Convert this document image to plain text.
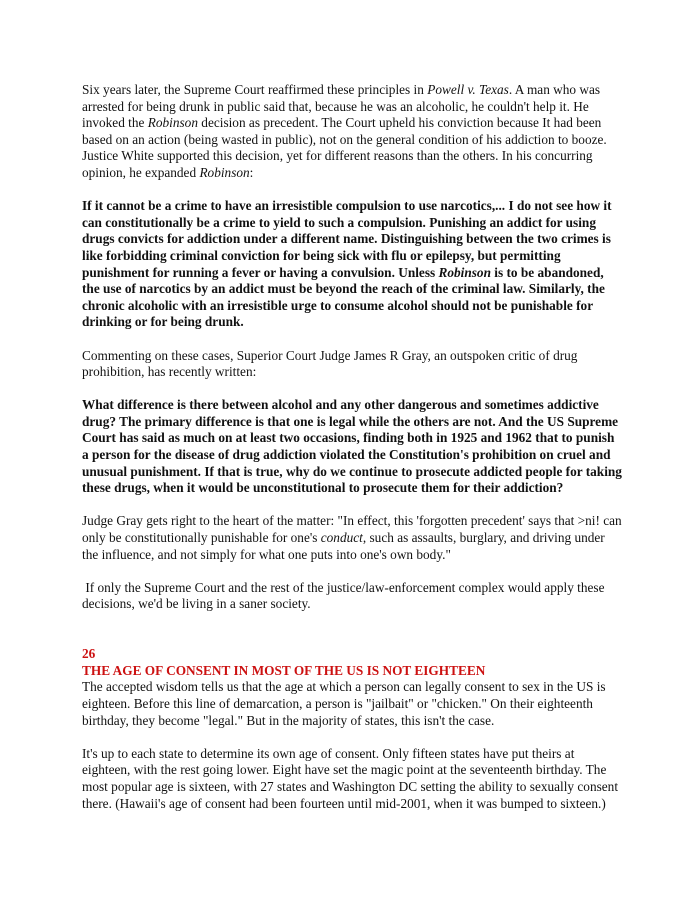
Six years later, the Supreme Court reaffirmed these principles in Powell v. Texas. A man who was arrested for being drunk in public said that, because he was an alcoholic, he couldn't help it. He invoked the Robinson decision as precedent. The Court upheld his conviction because It had been based on an action (being wasted in public), not on the general condition of his addiction to booze. Justice White supported this decision, yet for different reasons than the others. In his concurring opinion, he expanded Robinson:

If it cannot be a crime to have an irresistible compulsion to use narcotics,... I do not see how it can constitutionally be a crime to yield to such a compulsion. Punishing an addict for using drugs convicts for addiction under a different name. Distinguishing between the two crimes is like forbidding criminal conviction for being sick with flu or epilepsy, but permitting punishment for running a fever or having a convulsion. Unless Robinson is to be abandoned, the use of narcotics by an addict must be beyond the reach of the criminal law. Similarly, the chronic alcoholic with an irresistible urge to consume alcohol should not be punishable for drinking or for being drunk.

Commenting on these cases, Superior Court Judge James R Gray, an outspoken critic of drug prohibition, has recently written:

What difference is there between alcohol and any other dangerous and sometimes addictive drug? The primary difference is that one is legal while the others are not. And the US Supreme Court has said as much on at least two occasions, finding both in 1925 and 1962 that to punish a person for the disease of drug addiction violated the Constitution's prohibition on cruel and unusual punishment. If that is true, why do we continue to prosecute addicted people for taking these drugs, when it would be unconstitutional to prosecute them for their addiction?

Judge Gray gets right to the heart of the matter: "In effect, this 'forgotten precedent' says that >ni! can only be constitutionally punishable for one's conduct, such as assaults, burglary, and driving under the influence, and not simply for what one puts into one's own body."

If only the Supreme Court and the rest of the justice/law-enforcement complex would apply these decisions, we'd be living in a saner society.

26
THE AGE OF CONSENT IN MOST OF THE US IS NOT EIGHTEEN

The accepted wisdom tells us that the age at which a person can legally consent to sex in the US is eighteen. Before this line of demarcation, a person is "jailbait" or "chicken." On their eighteenth birthday, they become "legal." But in the majority of states, this isn't the case.

It's up to each state to determine its own age of consent. Only fifteen states have put theirs at eighteen, with the rest going lower. Eight have set the magic point at the seventeenth birthday. The most popular age is sixteen, with 27 states and Washington DC setting the ability to sexually consent there. (Hawaii's age of consent had been fourteen until mid-2001, when it was bumped to sixteen.)
